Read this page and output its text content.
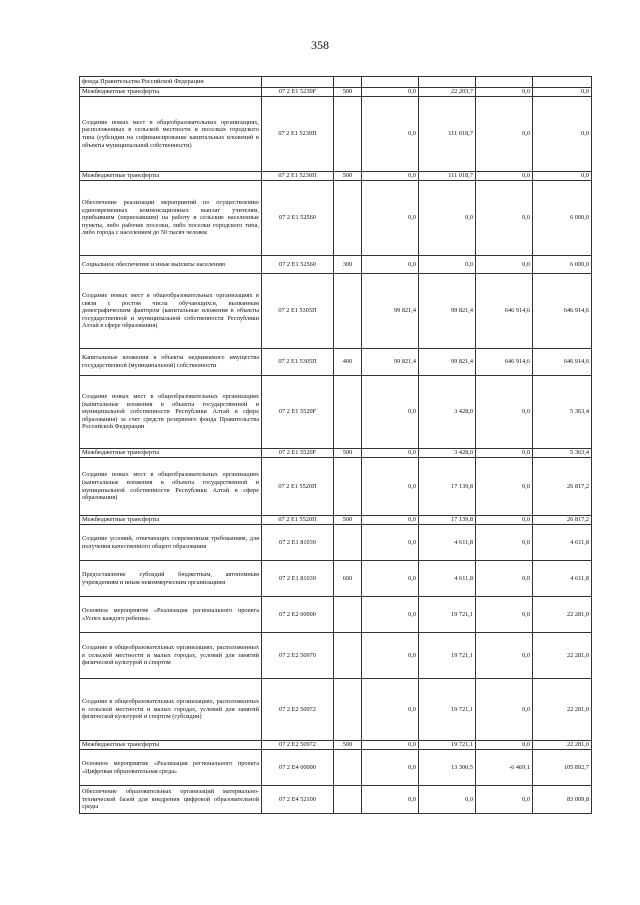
358
фонда Правительства Российской Федерации						
Межбюджетные трансферты	07 2 E1 5230F	500	0,0	22 203,7	0,0	0,0
Создание новых мест в общеобразовательных организациях, расположенных в сельской местности и поселках городского типа (субсидии на софинансирование капитальных вложений в объекты муниципальной собственности)	07 2 E1 5230П		0,0	111 018,7	0,0	0,0
Межбюджетные трансферты	07 2 E1 5230П	500	0,0	111 018,7	0,0	0,0
Обеспечение реализации мероприятий по осуществлению единовременных компенсационных выплат учителям, прибывшим (переехавшим) на работу в сельские населенные пункты, либо рабочие поселки, либо поселки городского типа, либо города с населением до 50 тысяч человек	07 2 E1 52560		0,0	0,0	0,0	6 000,0
Социальное обеспечение и иные выплаты населению	07 2 E1 52560	300	0,0	0,0	0,0	6 000,0
Создание новых мест в общеобразовательных организациях в связи с ростом числа обучающихся, вызванным демографическим фактором (капитальные вложения в объекты государственной и муниципальной собственности Республики Алтай в сфере образования)	07 2 E1 5305П		99 821,4	99 821,4	646 914,6	646 914,6
Капитальные вложения в объекты недвижимого имущества государственной (муниципальной) собственности	07 2 E1 5305П	400	99 821,4	99 821,4	646 914,6	646 914,6
Создание новых мест в общеобразовательных организациях (капитальные вложения в объекты государственной и муниципальной собственности Республики Алтай в сфере образования) за счет средств резервного фонда Правительства Российской Федерации	07 2 E1 5520F		0,0	3 428,0	0,0	5 363,4
Межбюджетные трансферты	07 2 E1 5520F	500	0,0	3 428,0	0,0	5 363,4
Создание новых мест в общеобразовательных организациях (капитальные вложения в объекты государственной и муниципальной собственности Республики Алтай в сфере образования)	07 2 E1 5520П		0,0	17 139,8	0,0	26 817,2
Межбюджетные трансферты	07 2 E1 5520П	500	0,0	17 139,8	0,0	26 817,2
Создание условий, отвечающих современным требованиям, для получения качественного общего образования	07 2 E1 81039		0,0	4 611,8	0,0	4 611,8
Предоставление субсидий бюджетным, автономным учреждениям и иным некоммерческим организациям	07 2 E1 81039	600	0,0	4 611,8	0,0	4 611,8
Основное мероприятие «Реализация регионального проекта «Успех каждого ребенка»	07 2 E2 00000		0,0	19 721,1	0,0	22 281,0
Создание в общеобразовательных организациях, расположенных в сельской местности и малых городах, условий для занятий физической культурой и спортом	07 2 E2 50970		0,0	19 721,1	0,0	22 281,0
Создание в общеобразовательных организациях, расположенных в сельской местности и малых городах, условий для занятий физической культурой и спортом (субсидии)	07 2 E2 50972		0,0	19 721,1	0,0	22 281,0
Межбюджетные трансферты	07 2 E2 50972	500	0,0	19 721,1	0,0	22 281,0
Основное мероприятие «Реализация регионального проекта «Цифровая образовательная среда»	07 2 E4 00000		0,0	13 300,5	-6 469,1	105 892,7
Обеспечение образовательных организаций материально-технической базой для внедрения цифровой образовательной среды	07 2 E4 52100		0,0	0,0	0,0	83 009,8
